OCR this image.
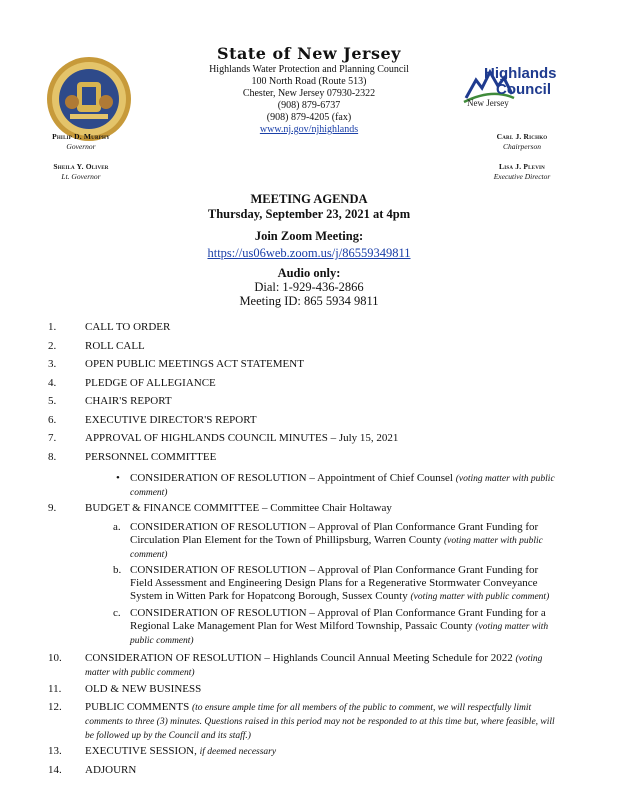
State of New Jersey
Highlands Water Protection and Planning Council
100 North Road (Route 513)
Chester, New Jersey 07930-2322
(908) 879-6737
(908) 879-4205 (fax)
www.nj.gov/njhighlands
Highlands
Council
New Jersey
Philip D. Murphy
Governor
Sheila Y. Oliver
Lt. Governor
Carl J. Richko
Chairperson
Lisa J. Plevin
Executive Director
MEETING AGENDA
Thursday, September 23, 2021 at 4pm
Join Zoom Meeting:
https://us06web.zoom.us/j/86559349811
Audio only:
Dial: 1-929-436-2866
Meeting ID: 865 5934 9811
1.	CALL TO ORDER
2.	ROLL CALL
3.	OPEN PUBLIC MEETINGS ACT STATEMENT
4.	PLEDGE OF ALLEGIANCE
5.	CHAIR'S REPORT
6.	EXECUTIVE DIRECTOR'S REPORT
7.	APPROVAL OF HIGHLANDS COUNCIL MINUTES – July 15, 2021
8.	PERSONNEL COMMITTEE
• CONSIDERATION OF RESOLUTION – Appointment of Chief Counsel (voting matter with public comment)
9.	BUDGET & FINANCE COMMITTEE – Committee Chair Holtaway
a. CONSIDERATION OF RESOLUTION – Approval of Plan Conformance Grant Funding for Circulation Plan Element for the Town of Phillipsburg, Warren County (voting matter with public comment)
b. CONSIDERATION OF RESOLUTION – Approval of Plan Conformance Grant Funding for Field Assessment and Engineering Design Plans for a Regenerative Stormwater Conveyance System in Witten Park for Hopatcong Borough, Sussex County (voting matter with public comment)
c. CONSIDERATION OF RESOLUTION – Approval of Plan Conformance Grant Funding for a Regional Lake Management Plan for West Milford Township, Passaic County (voting matter with public comment)
10.	CONSIDERATION OF RESOLUTION – Highlands Council Annual Meeting Schedule for 2022 (voting matter with public comment)
11.	OLD & NEW BUSINESS
12.	PUBLIC COMMENTS (to ensure ample time for all members of the public to comment, we will respectfully limit comments to three (3) minutes. Questions raised in this period may not be responded to at this time but, where feasible, will be followed up by the Council and its staff.)
13.	EXECUTIVE SESSION, if deemed necessary
14.	ADJOURN
